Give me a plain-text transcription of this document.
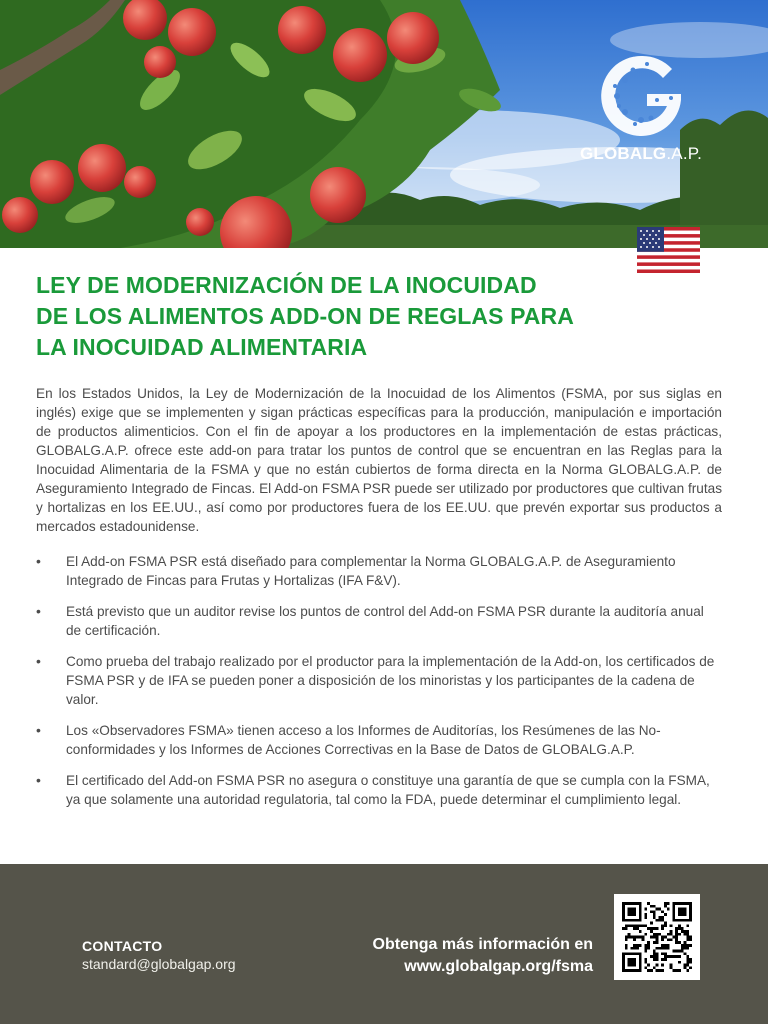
GLOBALG.A.P.
LEY DE MODERNIZACIÓN DE LA INOCUIDAD
DE LOS ALIMENTOS ADD-ON DE REGLAS PARA
LA INOCUIDAD ALIMENTARIA

En los Estados Unidos, la Ley de Modernización de la Inocuidad de los Alimentos (FSMA, por sus siglas en inglés) exige que se implementen y sigan prácticas específicas para la producción, manipulación e importación de productos alimenticios. Con el fin de apoyar a los productores en la implementación de estas prácticas, GLOBALG.A.P. ofrece este add-on para tratar los puntos de control que se encuentran en las Reglas para la Inocuidad Alimentaria de la FSMA y que no están cubiertos de forma directa en la Norma GLOBALG.A.P. de Aseguramiento Integrado de Fincas. El Add-on FSMA PSR puede ser utilizado por productores que cultivan frutas y hortalizas en los EE.UU., así como por productores fuera de los EE.UU. que prevén exportar sus productos a mercados estadounidense.

• El Add-on FSMA PSR está diseñado para complementar la Norma GLOBALG.A.P. de Aseguramiento Integrado de Fincas para Frutas y Hortalizas (IFA F&V).
• Está previsto que un auditor revise los puntos de control del Add-on FSMA PSR durante la auditoría anual de certificación.
• Como prueba del trabajo realizado por el productor para la implementación de la Add-on, los certificados de FSMA PSR y de IFA se pueden poner a disposición de los minoristas y los participantes de la cadena de valor.
• Los «Observadores FSMA» tienen acceso a los Informes de Auditorías, los Resúmenes de las No-conformidades y los Informes de Acciones Correctivas en la Base de Datos de GLOBALG.A.P.
• El certificado del Add-on FSMA PSR no asegura o constituye una garantía de que se cumpla con la FSMA, ya que solamente una autoridad regulatoria, tal como la FDA, puede determinar el cumplimiento legal.
CONTACTO
standard@globalgap.org
Obtenga más información en
www.globalgap.org/fsma
